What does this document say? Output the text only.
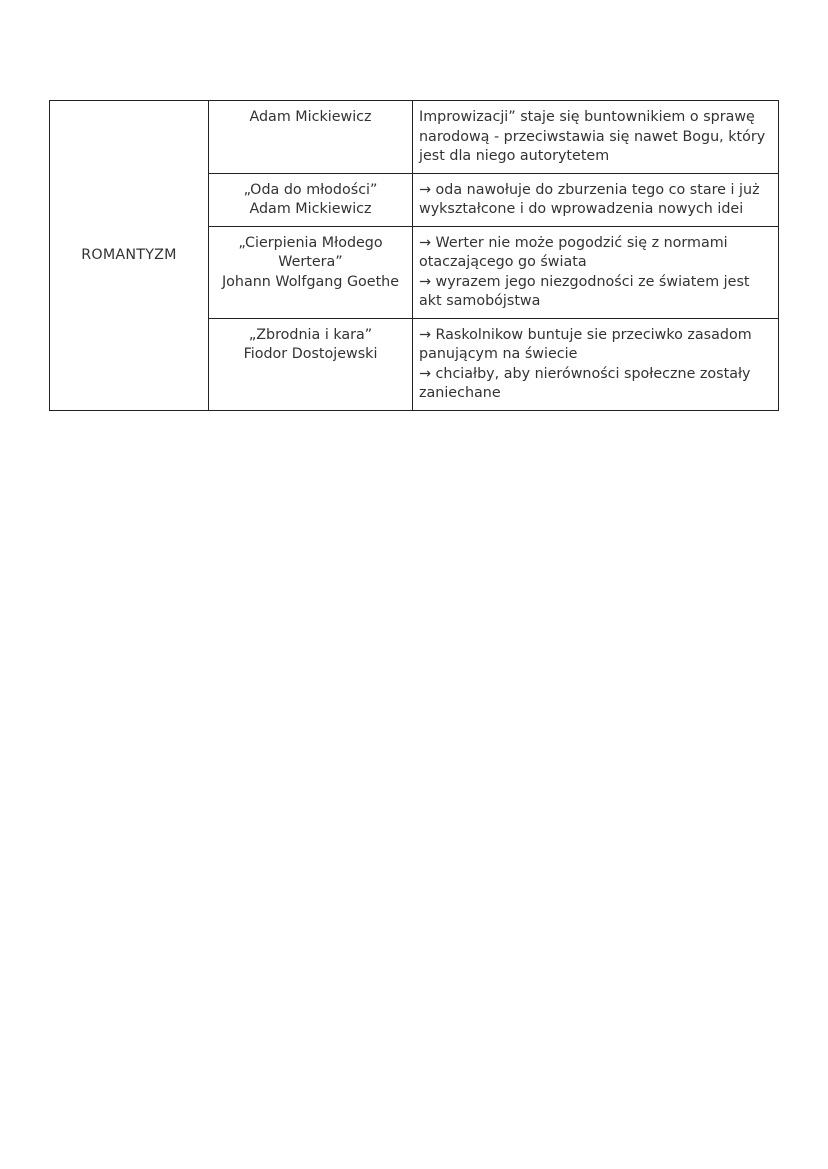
ROMANTYZM	Adam Mickiewicz	Improwizacji” staje się buntownikiem o sprawę
narodową - przeciwstawia się nawet Bogu, który
jest dla niego autorytetem

	„Oda do młodości”
Adam Mickiewicz	→ oda nawołuje do zburzenia tego co stare i już
wykształcone i do wprowadzenia nowych idei

	„Cierpienia Młodego
Wertera”
Johann Wolfgang Goethe	→ Werter nie może pogodzić się z normami
otaczającego go świata
→ wyrazem jego niezgodności ze światem jest
akt samobójstwa

	„Zbrodnia i kara”
Fiodor Dostojewski	→ Raskolnikow buntuje sie przeciwko zasadom
panującym na świecie
→ chciałby, aby nierówności społeczne zostały
zaniechane
